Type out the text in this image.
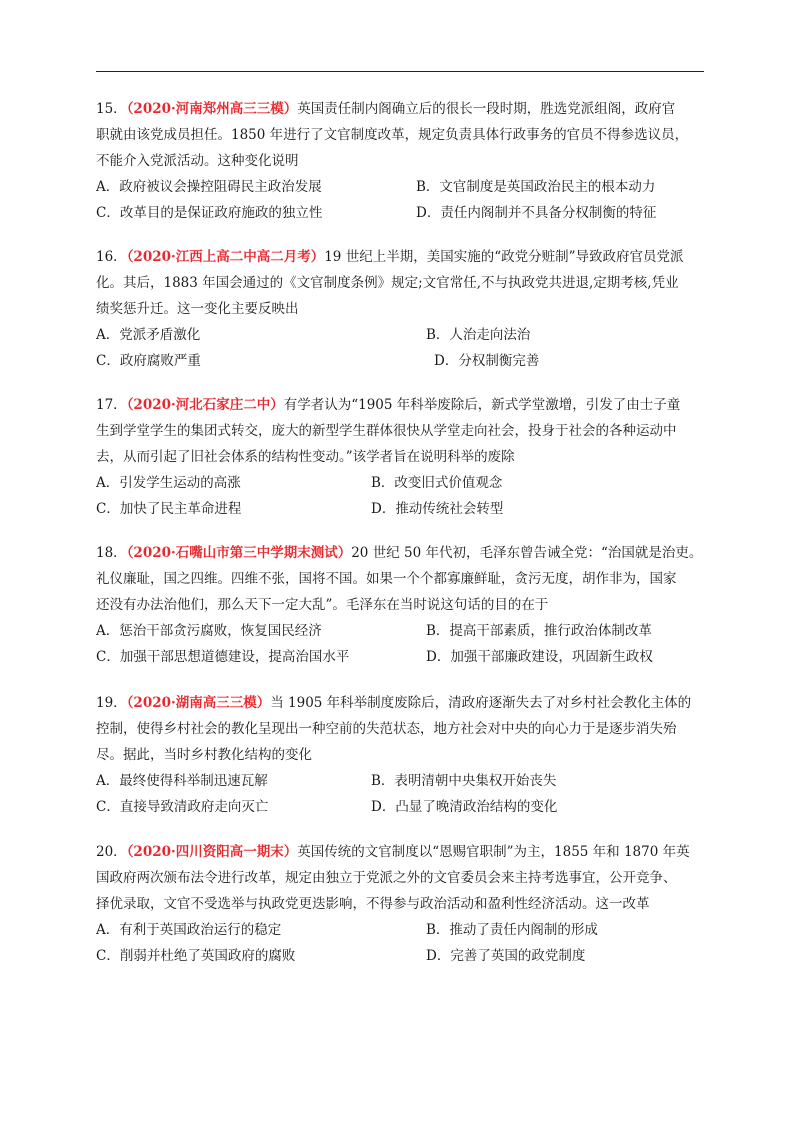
15．（2020·河南郑州高三三模）英国责任制内阁确立后的很长一段时期，胜选党派组阁，政府官
职就由该党成员担任。1850 年进行了文官制度改革，规定负责具体行政事务的官员不得参选议员，
不能介入党派活动。这种变化说明
A．政府被议会操控阻碍民主政治发展	B．文官制度是英国政治民主的根本动力
C．改革目的是保证政府施政的独立性	D．责任内阁制并不具备分权制衡的特征
16．（2020·江西上高二中高二月考）19 世纪上半期，美国实施的“政党分赃制”导致政府官员党派
化。其后，1883 年国会通过的《文官制度条例》规定;文官常任,不与执政党共进退,定期考核,凭业
绩奖惩升迁。这一变化主要反映出
A．党派矛盾激化	B．人治走向法治
C．政府腐败严重	D．分权制衡完善
17．（2020·河北石家庄二中）有学者认为“1905 年科举废除后，新式学堂激增，引发了由士子童
生到学堂学生的集团式转交，庞大的新型学生群体很快从学堂走向社会，投身于社会的各种运动中
去，从而引起了旧社会体系的结构性变动。”该学者旨在说明科举的废除
A．引发学生运动的高涨	B．改变旧式价值观念
C．加快了民主革命进程	D．推动传统社会转型
18．（2020·石嘴山市第三中学期末测试）20 世纪 50 年代初，毛泽东曾告诫全党：“治国就是治吏。
礼仪廉耻，国之四维。四维不张，国将不国。如果一个个都寡廉鲜耻，贪污无度，胡作非为，国家
还没有办法治他们，那么天下一定大乱”。毛泽东在当时说这句话的目的在于
A．惩治干部贪污腐败，恢复国民经济	B．提高干部素质，推行政治体制改革
C．加强干部思想道德建设，提高治国水平	D．加强干部廉政建设，巩固新生政权
19．（2020·湖南高三三模）当 1905 年科举制度废除后，清政府逐渐失去了对乡村社会教化主体的
控制，使得乡村社会的教化呈现出一种空前的失范状态，地方社会对中央的向心力于是逐步消失殆
尽。据此，当时乡村教化结构的变化
A．最终使得科举制迅速瓦解	B．表明清朝中央集权开始丧失
C．直接导致清政府走向灭亡	D．凸显了晚清政治结构的变化
20．（2020·四川资阳高一期末）英国传统的文官制度以“恩赐官职制”为主，1855 年和 1870 年英
国政府两次颁布法令进行改革，规定由独立于党派之外的文官委员会来主持考选事宜，公开竞争、
择优录取，文官不受选举与执政党更迭影响，不得参与政治活动和盈利性经济活动。这一改革
A．有利于英国政治运行的稳定	B．推动了责任内阁制的形成
C．削弱并杜绝了英国政府的腐败	D．完善了英国的政党制度
